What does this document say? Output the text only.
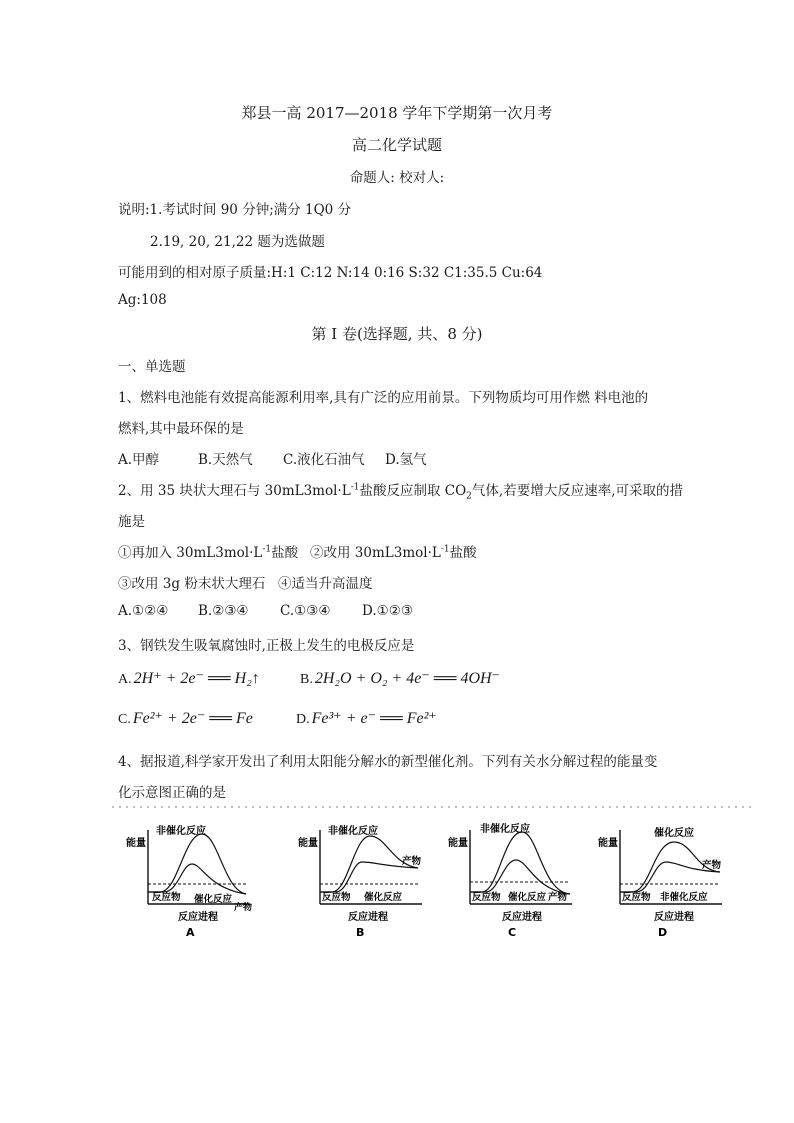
郑县一高 2017—2018 学年下学期第一次月考
高二化学试题
命题人: 校对人:
说明:1.考试时间 90 分钟;满分 1Q0 分
2.19, 20, 21,22 题为选做题
可能用到的相对原子质量:H:1 C:12 N:14 0:16 S:32 C1:35.5 Cu:64
Ag:108
第 I 卷(选择题, 共、8 分)
一、单选题
1、燃料电池能有效提高能源利用率,具有广泛的应用前景。下列物质均可用作燃 料电池的
燃料,其中最环保的是
A.甲醇	B.天然气 C.液化石油气 D.氢气
2、用 35 块状大理石与 $30mL3mol\cdot L^{-1}$盐酸反应制取 $CO_2$气体,若要增大反应速率,可采取的措
施是
①再加入 $30mL3mol\cdot L^{-1}$盐酸 ②改用 $30mL3mol\cdot L^{-1}$盐酸
③改用 3g 粉末状大理石 ④适当升高温度
A.①②④ B.②③④ C.①③④ D.①②③
3、钢铁发生吸氧腐蚀时,正极上发生的电极反应是
A. 2H⁺ + 2e⁻ ══ H₂↑	B. 2H₂O + O₂ + 4e⁻ ══ 4OH⁻
C. Fe²⁺ + 2e⁻ ══ Fe	D. Fe³⁺ + e⁻ ══ Fe²⁺
4、据报道,科学家开发出了利用太阳能分解水的新型催化剂。下列有关水分解过程的能量变
化示意图正确的是
能量
非催化反应
反应物 催化反应
产物
反应进程
A
能量
非催化反应
产物
反应物 催化反应
反应进程
B
能量
非催化反应
反应物 催化反应 产物
反应进程
C
能量
催化反应
产物
反应物 非催化反应
反应进程
D
